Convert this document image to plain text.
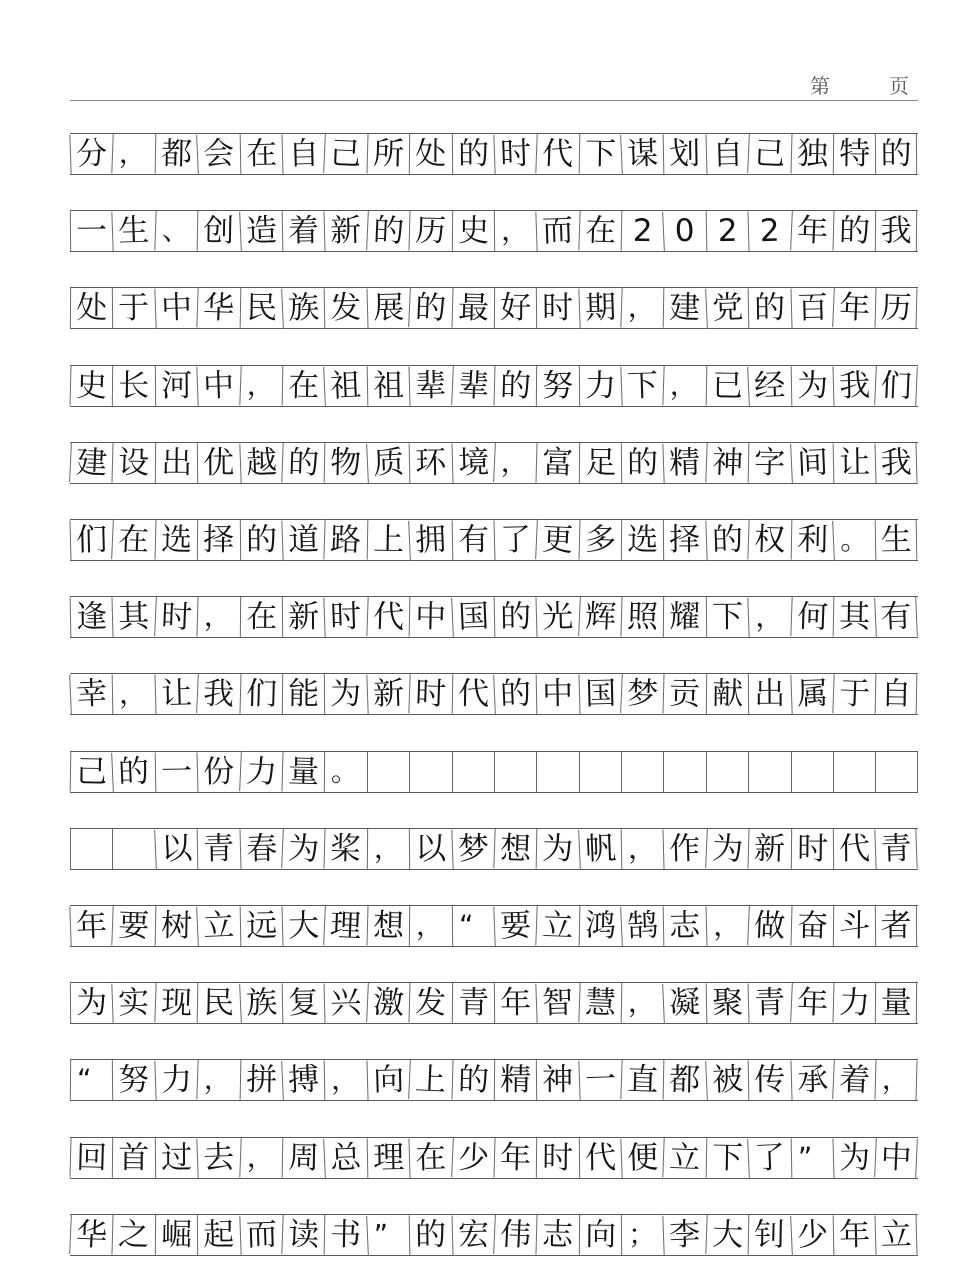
第	页
分 ， 都 会 在 自 己 所 处 的 时 代 下 谋 划 自 己 独 特 的
一 生 、 创 造 着 新 的 历 史 ， 而 在 2 0 2 2 年 的 我
处 于 中 华 民 族 发 展 的 最 好 时 期 ， 建 党 的 百 年 历
史 长 河 中 ， 在 祖 祖 辈 辈 的 努 力 下 ， 已 经 为 我 们
建 设 出 优 越 的 物 质 环 境 ， 富 足 的 精 神 字 间 让 我
们 在 选 择 的 道 路 上 拥 有 了 更 多 选 择 的 权 利 。 生
逢 其 时 ， 在 新 时 代 中 国 的 光 辉 照 耀 下 ， 何 其 有
幸 ， 让 我 们 能 为 新 时 代 的 中 国 梦 贡 献 出 属 于 自
己 的 一 份 力 量 。
以 青 春 为 桨 ， 以 梦 想 为 帆 ， 作 为 新 时 代 青
年 要 树 立 远 大 理 想 ， “ 要 立 鸿 鹄 志 ， 做 奋 斗 者
为 实 现 民 族 复 兴 激 发 青 年 智 慧 ， 凝 聚 青 年 力 量
“ 努 力 ， 拼 搏 ， 向 上 的 精 神 一 直 都 被 传 承 着 ，
回 首 过 去 ， 周 总 理 在 少 年 时 代 便 立 下 了 ” 为 中
华 之 崛 起 而 读 书 ” 的 宏 伟 志 向 ； 李 大 钊 少 年 立
